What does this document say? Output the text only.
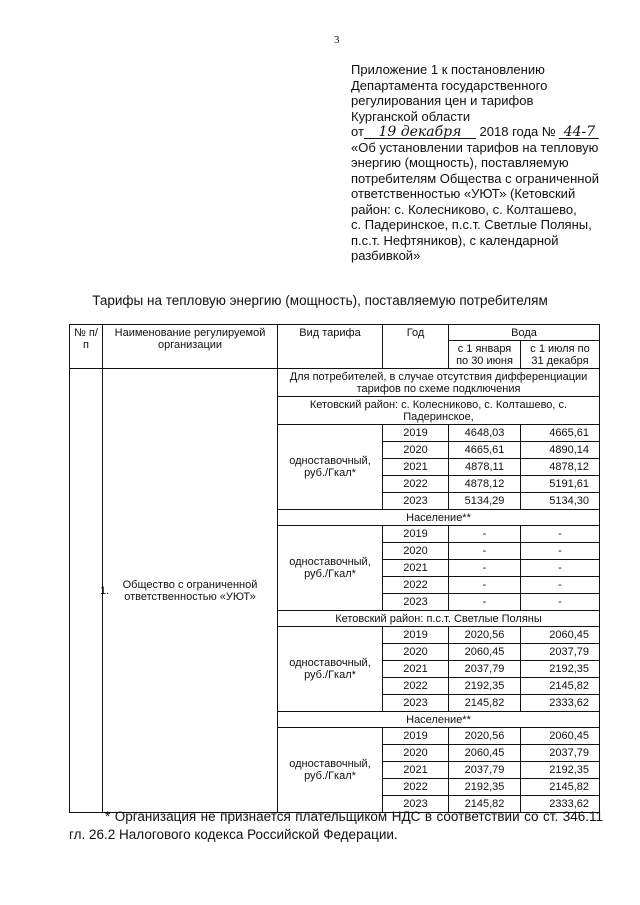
3
Приложение 1 к постановлению
Департамента государственного
регулирования цен и тарифов
Курганской области
от 19 декабря 2018 года № 44-7
«Об установлении тарифов на тепловую
энергию (мощность), поставляемую
потребителям Общества с ограниченной
ответственностью «УЮТ» (Кетовский
район: с. Колесниково, с. Колташево,
с. Падеринское, п.с.т. Светлые Поляны,
п.с.т. Нефтяников), с календарной
разбивкой»
Тарифы на тепловую энергию (мощность), поставляемую потребителям
№ п/п	Наименование регулируемой организации	Вид тарифа	Год	Вода	
				с 1 января по 30 июня	с 1 июля по 31 декабря
1.	Общество с ограниченной ответственностью «УЮТ»	Для потребителей, в случае отсутствия дифференциации тарифов по схеме подключения			
		Кетовский район: с. Колесниково, с. Колташево, с. Падеринское,			
		одноставочный, руб./Гкал*	2019	4648,03	4665,61
			2020	4665,61	4890,14
			2021	4878,11	4878,12
			2022	4878,12	5191,61
			2023	5134,29	5134,30
		Население**			
		одноставочный, руб./Гкал*	2019	-	-
			2020	-	-
			2021	-	-
			2022	-	-
			2023	-	-
		Кетовский район: п.с.т. Светлые Поляны			
		одноставочный, руб./Гкал*	2019	2020,56	2060,45
			2020	2060,45	2037,79
			2021	2037,79	2192,35
			2022	2192,35	2145,82
			2023	2145,82	2333,62
		Население**			
		одноставочный, руб./Гкал*	2019	2020,56	2060,45
			2020	2060,45	2037,79
			2021	2037,79	2192,35
			2022	2192,35	2145,82
			2023	2145,82	2333,62
* Организация не признается плательщиком НДС в соответствии со ст. 346.11 гл. 26.2 Налогового кодекса Российской Федерации.
